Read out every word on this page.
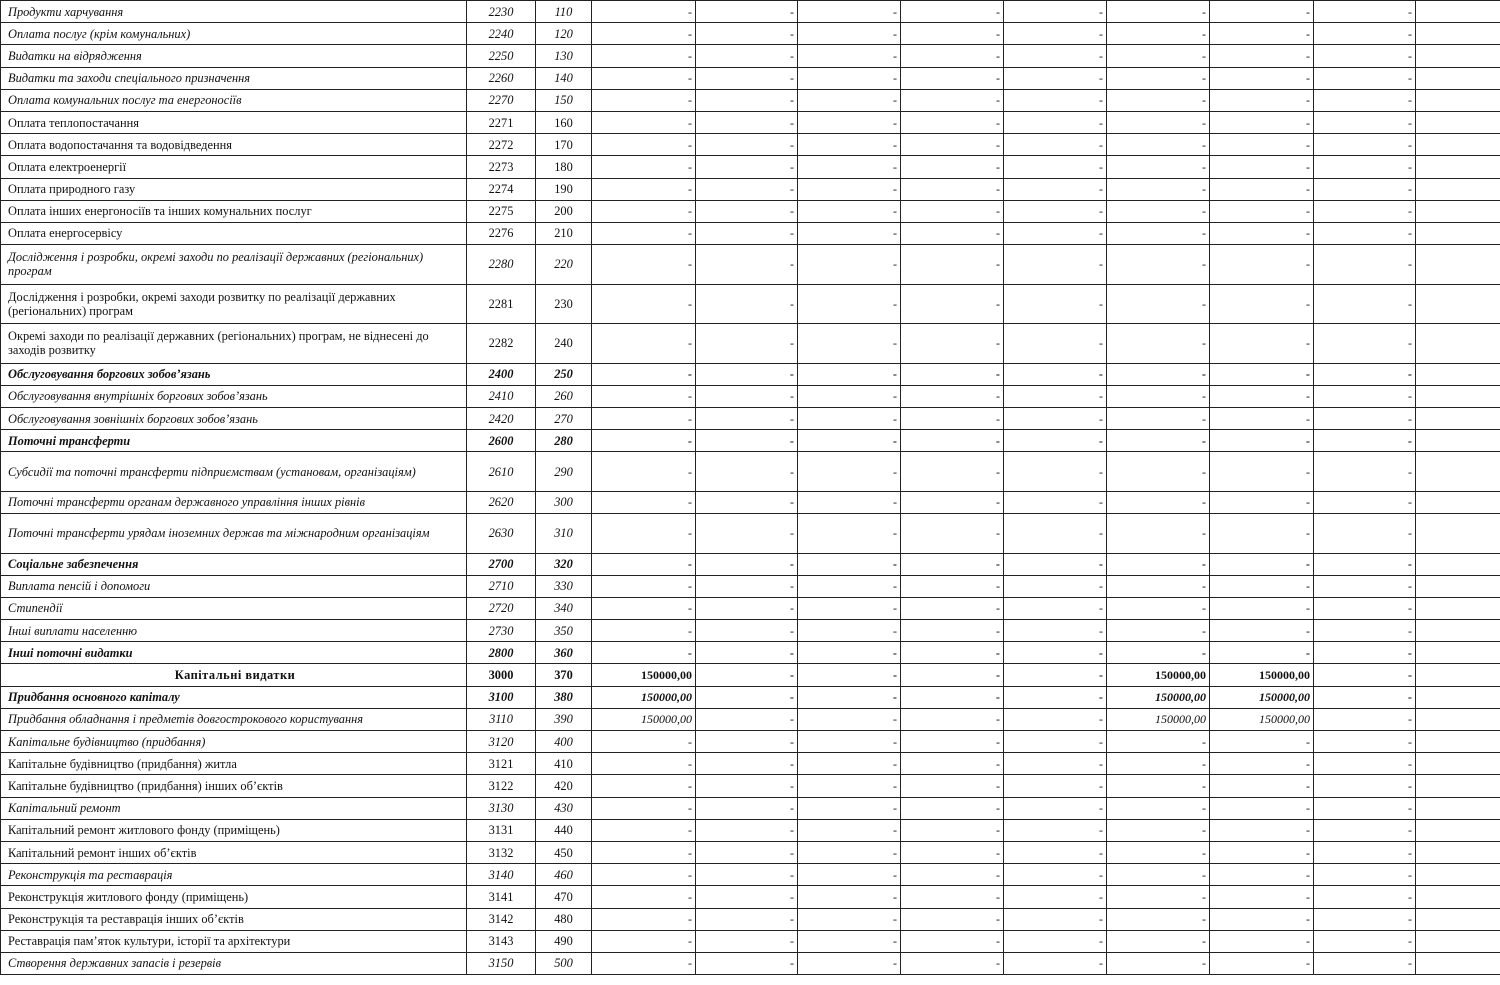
Продукти харчування	2230	110	-	-	-	-	-	-	-	-	
Оплата послуг (крім комунальних)	2240	120	-	-	-	-	-	-	-	-	
Видатки на відрядження	2250	130	-	-	-	-	-	-	-	-	
Видатки та заходи спеціального призначення	2260	140	-	-	-	-	-	-	-	-	
Оплата комунальних послуг та енергоносіїв	2270	150	-	-	-	-	-	-	-	-	
Оплата теплопостачання	2271	160	-	-	-	-	-	-	-	-	
Оплата водопостачання та водовідведення	2272	170	-	-	-	-	-	-	-	-	
Оплата електроенергії	2273	180	-	-	-	-	-	-	-	-	
Оплата природного газу	2274	190	-	-	-	-	-	-	-	-	
Оплата інших енергоносіїв та інших комунальних послуг	2275	200	-	-	-	-	-	-	-	-	
Оплата енергосервісу	2276	210	-	-	-	-	-	-	-	-	
Дослідження і розробки, окремі заходи по реалізації державних (регіональних) програм	2280	220	-	-	-	-	-	-	-	-	
Дослідження і розробки, окремі заходи розвитку по реалізації державних (регіональних) програм	2281	230	-	-	-	-	-	-	-	-	
Окремі заходи по реалізації державних (регіональних) програм, не віднесені до заходів розвитку	2282	240	-	-	-	-	-	-	-	-	
Обслуговування боргових зобов’язань	2400	250	-	-	-	-	-	-	-	-	
Обслуговування внутрішніх боргових зобов’язань	2410	260	-	-	-	-	-	-	-	-	
Обслуговування зовнішніх боргових зобов’язань	2420	270	-	-	-	-	-	-	-	-	
Поточні трансферти	2600	280	-	-	-	-	-	-	-	-	
Субсидії та поточні трансферти підприємствам (установам, організаціям)	2610	290	-	-	-	-	-	-	-	-	
Поточні трансферти органам державного управління інших рівнів	2620	300	-	-	-	-	-	-	-	-	
Поточні трансферти урядам іноземних держав та міжнародним організаціям	2630	310	-	-	-	-	-	-	-	-	
Соціальне забезпечення	2700	320	-	-	-	-	-	-	-	-	
Виплата пенсій і допомоги	2710	330	-	-	-	-	-	-	-	-	
Стипендії	2720	340	-	-	-	-	-	-	-	-	
Інші виплати населенню	2730	350	-	-	-	-	-	-	-	-	
Інші поточні видатки	2800	360	-	-	-	-	-	-	-	-	
Капітальні видатки	3000	370	150000,00	-	-	-	-	150000,00	150000,00	-	
Придбання основного капіталу	3100	380	150000,00	-	-	-	-	150000,00	150000,00	-	
Придбання обладнання і предметів довгострокового користування	3110	390	150000,00	-	-	-	-	150000,00	150000,00	-	
Капітальне будівництво (придбання)	3120	400	-	-	-	-	-	-	-	-	
Капітальне будівництво (придбання) житла	3121	410	-	-	-	-	-	-	-	-	
Капітальне будівництво (придбання) інших об’єктів	3122	420	-	-	-	-	-	-	-	-	
Капітальний ремонт	3130	430	-	-	-	-	-	-	-	-	
Капітальний ремонт житлового фонду (приміщень)	3131	440	-	-	-	-	-	-	-	-	
Капітальний ремонт інших об’єктів	3132	450	-	-	-	-	-	-	-	-	
Реконструкція та реставрація	3140	460	-	-	-	-	-	-	-	-	
Реконструкція житлового фонду (приміщень)	3141	470	-	-	-	-	-	-	-	-	
Реконструкція та реставрація інших об’єктів	3142	480	-	-	-	-	-	-	-	-	
Реставрація пам’яток культури, історії та архітектури	3143	490	-	-	-	-	-	-	-	-	
Створення державних запасів і резервів	3150	500	-	-	-	-	-	-	-	-	
